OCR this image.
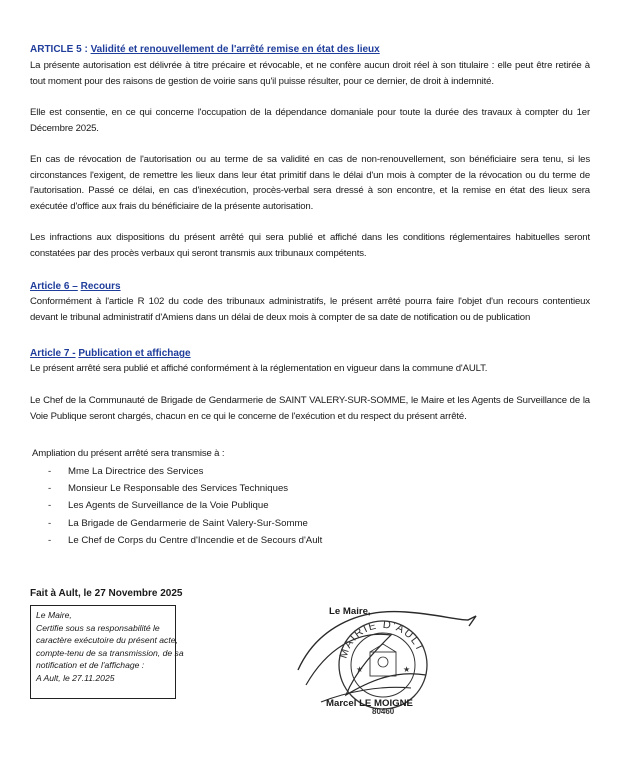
ARTICLE 5 : Validité et renouvellement de l'arrêté remise en état des lieux

La présente autorisation est délivrée à titre précaire et révocable, et ne confère aucun droit réel à son titulaire : elle peut être retirée à tout moment pour des raisons de gestion de voirie sans qu'il puisse résulter, pour ce dernier, de droit à indemnité.

Elle est consentie, en ce qui concerne l'occupation de la dépendance domaniale pour toute la durée des travaux à compter du 1er Décembre 2025.

En cas de révocation de l'autorisation ou au terme de sa validité en cas de non-renouvellement, son bénéficiaire sera tenu, si les circonstances l'exigent, de remettre les lieux dans leur état primitif dans le délai d'un mois à compter de la révocation ou du terme de l'autorisation. Passé ce délai, en cas d'inexécution, procès-verbal sera dressé à son encontre, et la remise en état des lieux sera exécutée d'office aux frais du bénéficiaire de la présente autorisation.

Les infractions aux dispositions du présent arrêté qui sera publié et affiché dans les conditions réglementaires habituelles seront constatées par des procès verbaux qui seront transmis aux tribunaux compétents.

Article 6 – Recours

Conformément à l'article R 102 du code des tribunaux administratifs, le présent arrêté pourra faire l'objet d'un recours contentieux devant le tribunal administratif d'Amiens dans un délai de deux mois à compter de sa date de notification ou de publication

Article 7 - Publication et affichage

Le présent arrêté sera publié et affiché conformément à la réglementation en vigueur dans la commune d'AULT.

Le Chef de la Communauté de Brigade de Gendarmerie de SAINT VALERY-SUR-SOMME, le Maire et les Agents de Surveillance de la Voie Publique seront chargés, chacun en ce qui le concerne de l'exécution et du respect du présent arrêté.

Ampliation du présent arrêté sera transmise à :

- Mme La Directrice des Services
- Monsieur Le Responsable des Services Techniques
- Les Agents de Surveillance de la Voie Publique
- La Brigade de Gendarmerie de Saint Valery-Sur-Somme
- Le Chef de Corps du Centre d'Incendie et de Secours d'Ault

Fait à Ault, le 27 Novembre 2025

Le Maire,
Certifie sous sa responsabilité le
caractère exécutoire du présent acte,
compte-tenu de sa transmission, de sa
notification et de l'affichage :
A Ault, le 27.11.2025
MAIRIE D'AULT
80460
★	★

Le Maire,

Marcel LE MOIGNE
